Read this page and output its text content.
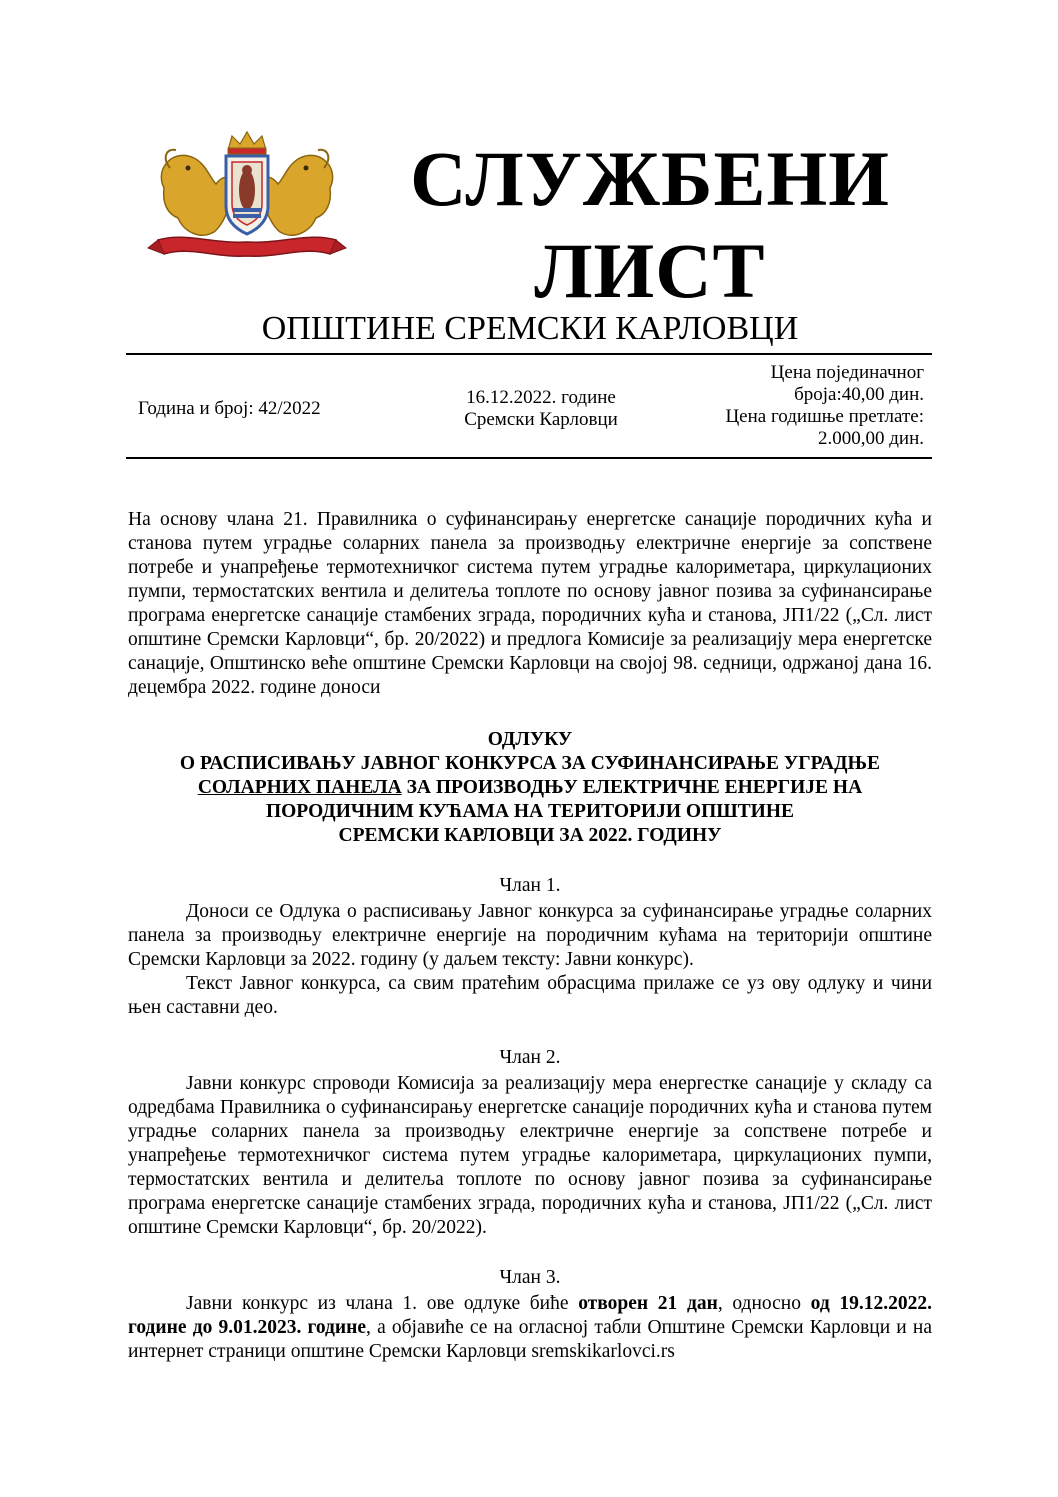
СЛУЖБЕНИ
ЛИСТ
ОПШТИНЕ СРЕМСКИ КАРЛОВЦИ
Година и број: 42/2022
16.12.2022. године
Сремски Карловци
Цена појединачног
броја:40,00 дин.
Цена годишње претлате:
2.000,00 дин.

На основу члана 21. Правилника о суфинансирању енергетске санације породичних кућа и станова путем уградње соларних панела за производњу електричне енергије за сопствене потребе и унапређење термотехничког система путем уградње калориметара, циркулационих пумпи, термостатских вентила и делитеља топлоте по основу јавног позива за суфинансирање програма енергетске санације стамбених зграда, породичних кућа и станова, ЈП1/22 („Сл. лист општине Сремски Карловци“, бр. 20/2022) и предлога Комисије за реализацију мера енергетске санације, Општинско веће општине Сремски Карловци на својој 98. седници, одржаној дана 16. децембра 2022. године доноси

ОДЛУКУ
О РАСПИСИВАЊУ ЈАВНОГ КОНКУРСА ЗА СУФИНАНСИРАЊЕ УГРАДЊЕ
СОЛАРНИХ ПАНЕЛА ЗА ПРОИЗВОДЊУ ЕЛЕКТРИЧНЕ ЕНЕРГИЈЕ НА
ПОРОДИЧНИМ КУЋАМА НА ТЕРИТОРИЈИ ОПШТИНЕ
СРЕМСКИ КАРЛОВЦИ ЗА 2022. ГОДИНУ
Члан 1.

Доноси се Одлука о расписивању Јавног конкурса за суфинансирање уградње соларних панела за производњу електричне енергије на породичним кућама на територији општине Сремски Карловци за 2022. годину (у даљем тексту: Јавни конкурс).

Текст Јавног конкурса, са свим пратећим обрасцима прилаже се уз ову одлуку и чини њен саставни део.

Члан 2.

Јавни конкурс спроводи Комисија за реализацију мера енергестке санације у складу са одредбама Правилника о суфинансирању енергетске санације породичних кућа и станова путем уградње соларних панела за производњу електричне енергије за сопствене потребе и унапређење термотехничког система путем уградње калориметара, циркулационих пумпи, термостатских вентила и делитеља топлоте по основу јавног позива за суфинансирање програма енергетске санације стамбених зграда, породичних кућа и станова, ЈП1/22 („Сл. лист општине Сремски Карловци“, бр. 20/2022).

Члан 3.

Јавни конкурс из члана 1. ове одлуке биће отворен 21 дан, односно од 19.12.2022. године до 9.01.2023. године, а објавиће се на огласној табли Општине Сремски Карловци и на интернет страници општине Сремски Карловци sremskikarlovci.rs
